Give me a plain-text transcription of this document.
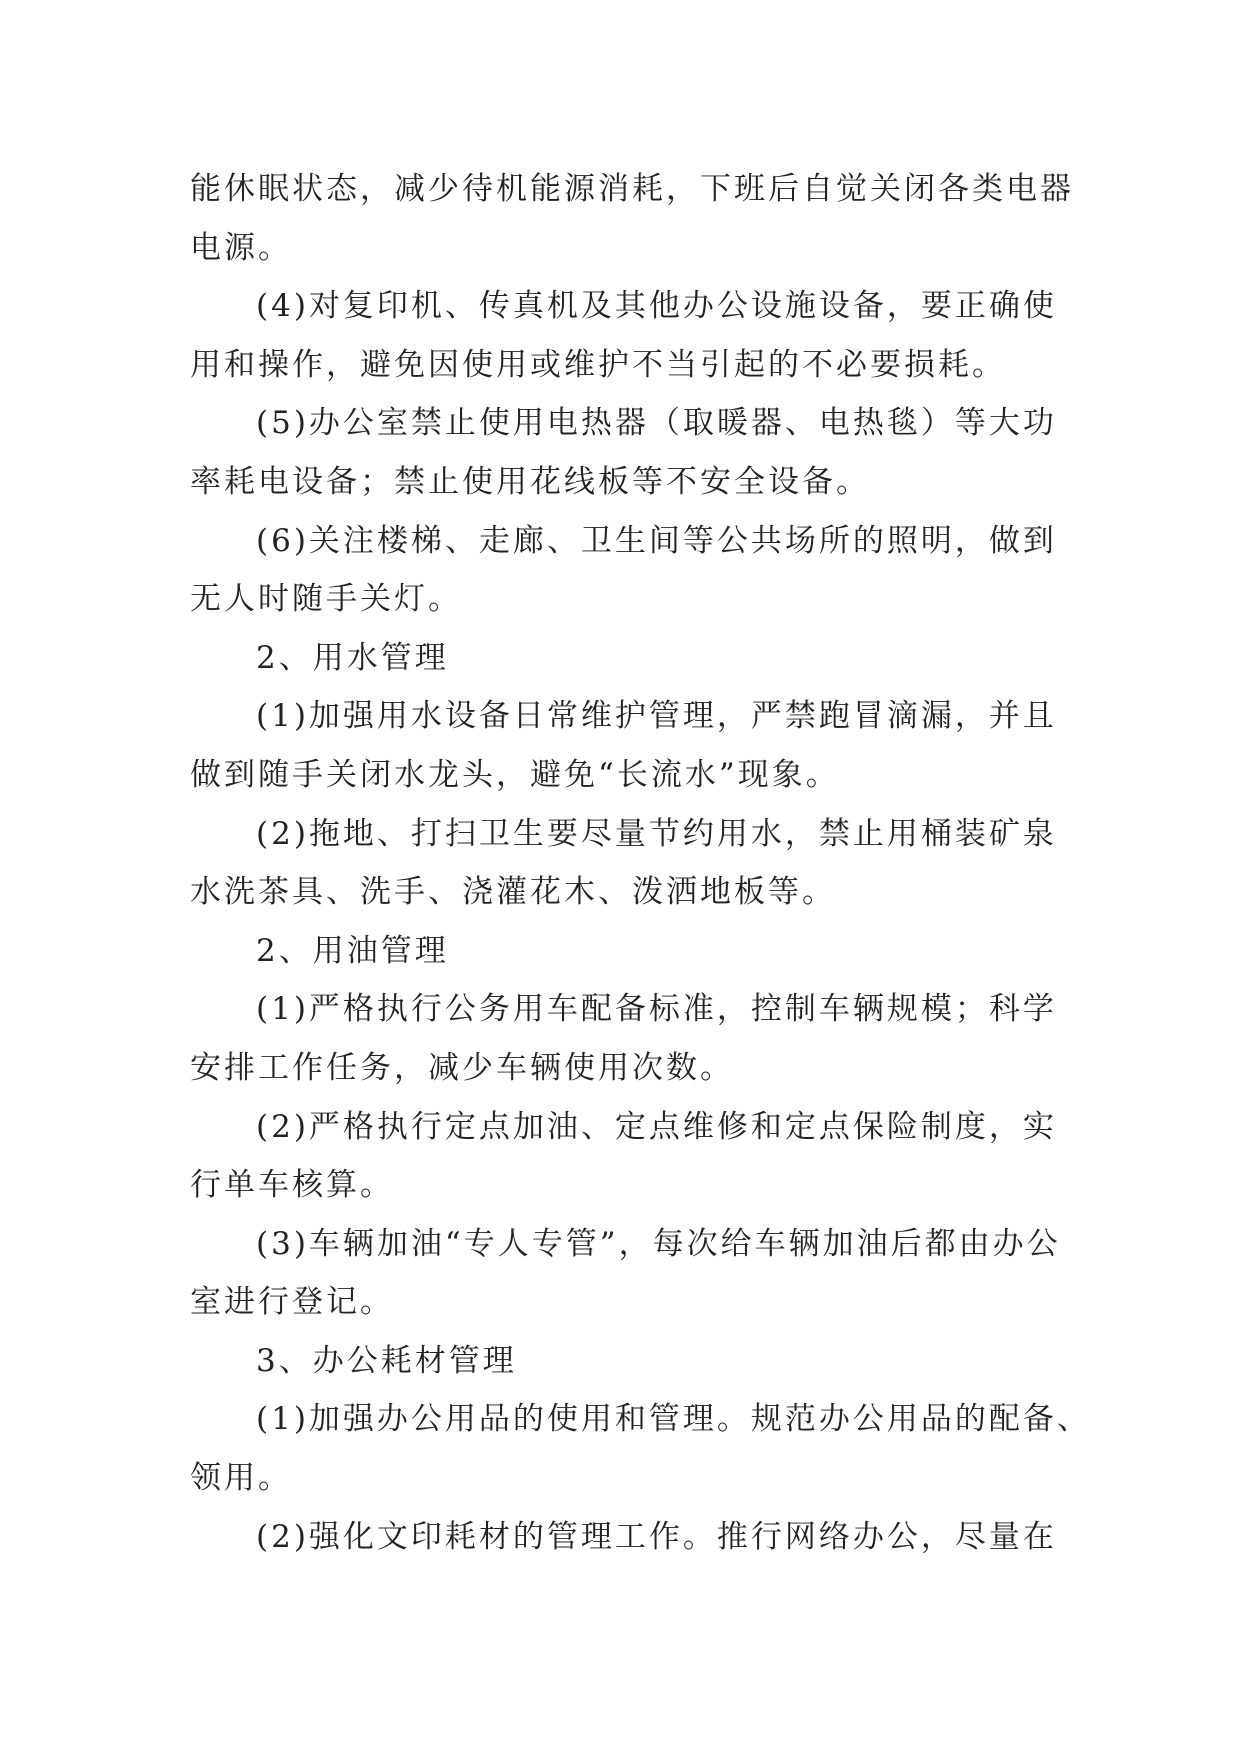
能休眠状态，减少待机能源消耗，下班后自觉关闭各类电器
电源。
(4)对复印机、传真机及其他办公设施设备，要正确使
用和操作，避免因使用或维护不当引起的不必要损耗。
(5)办公室禁止使用电热器（取暖器、电热毯）等大功
率耗电设备；禁止使用花线板等不安全设备。
(6)关注楼梯、走廊、卫生间等公共场所的照明，做到
无人时随手关灯。
2、用水管理
(1)加强用水设备日常维护管理，严禁跑冒滴漏，并且
做到随手关闭水龙头，避免“长流水”现象。
(2)拖地、打扫卫生要尽量节约用水，禁止用桶装矿泉
水洗茶具、洗手、浇灌花木、泼洒地板等。
2、用油管理
(1)严格执行公务用车配备标准，控制车辆规模；科学
安排工作任务，减少车辆使用次数。
(2)严格执行定点加油、定点维修和定点保险制度，实
行单车核算。
(3)车辆加油“专人专管”，每次给车辆加油后都由办公
室进行登记。
3、办公耗材管理
(1)加强办公用品的使用和管理。规范办公用品的配备、
领用。
(2)强化文印耗材的管理工作。推行网络办公，尽量在
